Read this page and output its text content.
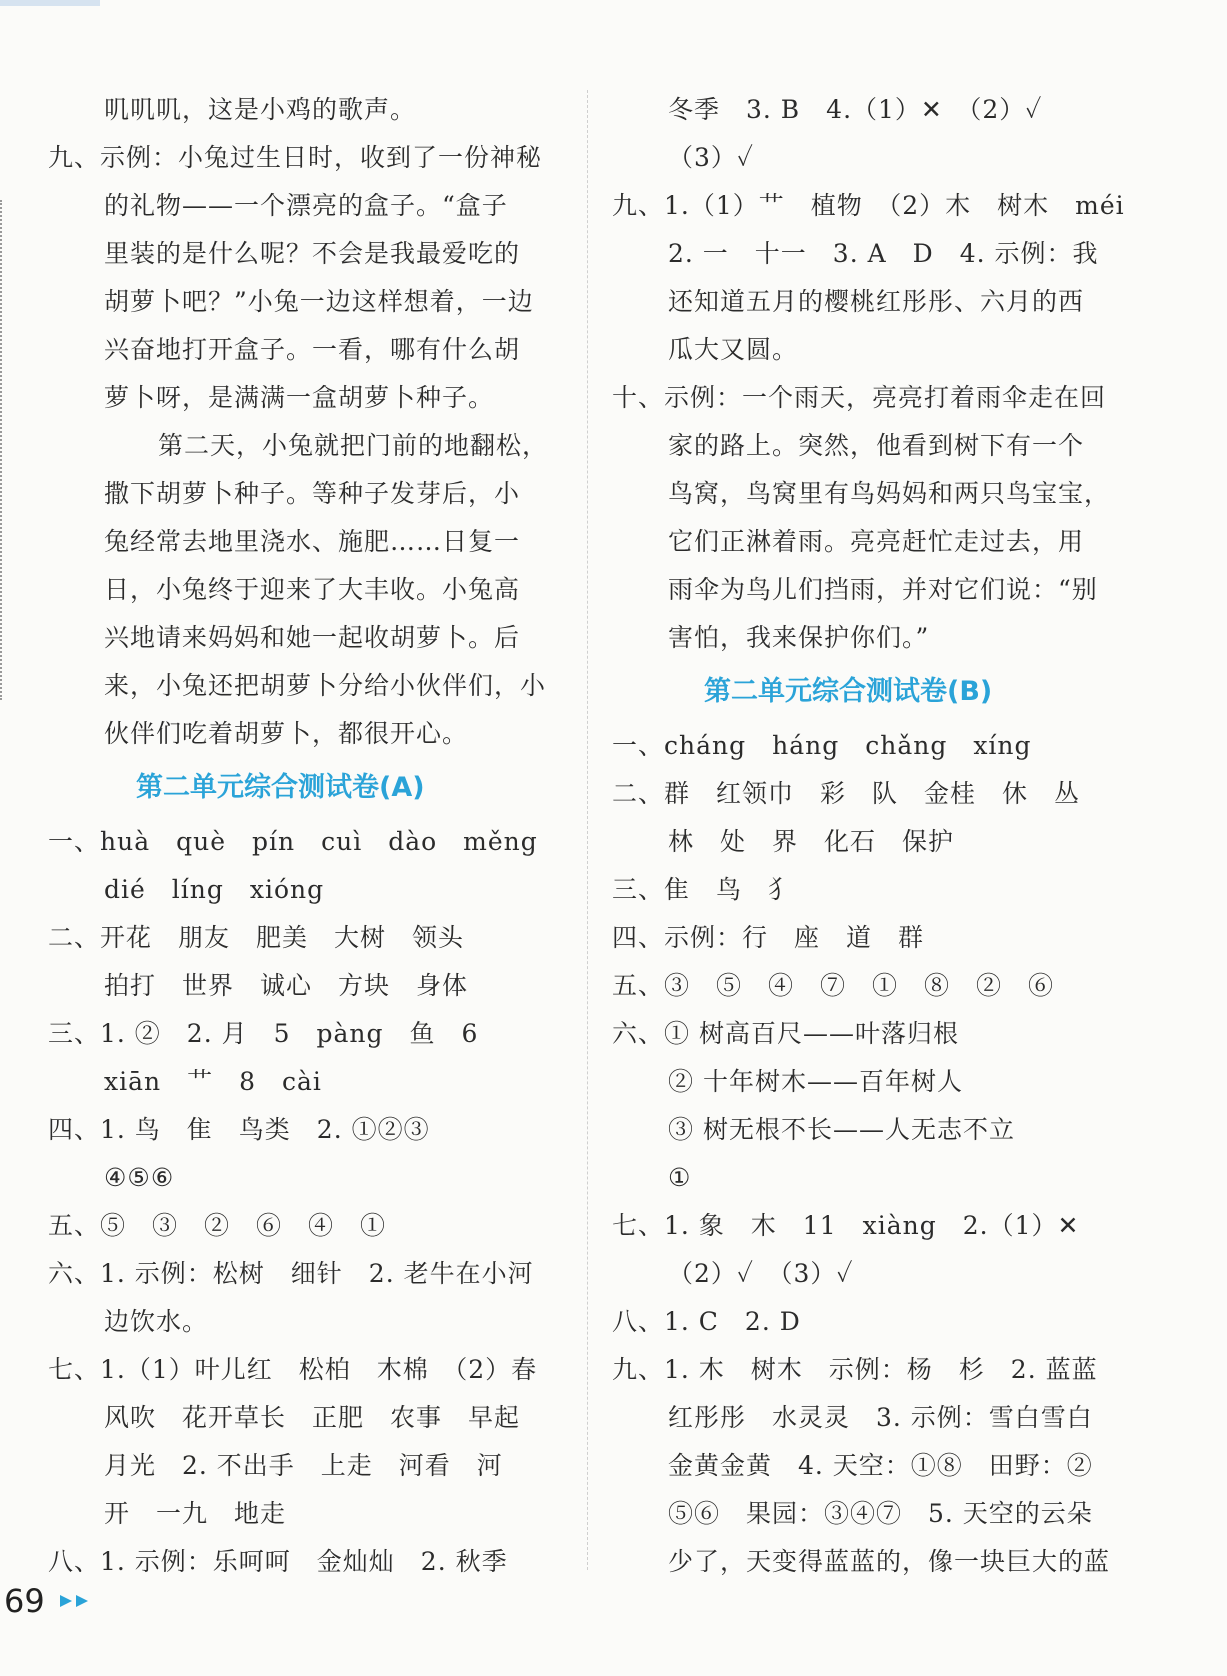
叽叽叽，这是小鸡的歌声。
九、示例：小兔过生日时，收到了一份神秘
的礼物——一个漂亮的盒子。“盒子
里装的是什么呢？不会是我最爱吃的
胡萝卜吧？”小兔一边这样想着，一边
兴奋地打开盒子。一看，哪有什么胡
萝卜呀，是满满一盒胡萝卜种子。
第二天，小兔就把门前的地翻松，
撒下胡萝卜种子。等种子发芽后，小
兔经常去地里浇水、施肥……日复一
日，小兔终于迎来了大丰收。小兔高
兴地请来妈妈和她一起收胡萝卜。后
来，小兔还把胡萝卜分给小伙伴们，小
伙伴们吃着胡萝卜，都很开心。
第二单元综合测试卷(A)
一、huà　què　pín　cuì　dào　měng
dié　líng　xióng
二、开花　朋友　肥美　大树　领头
拍打　世界　诚心　方块　身体
三、1. ②　2. 月　5　pàng　鱼　6
xiān　艹　8　cài
四、1. 鸟　隹　鸟类　2. ①②③
④⑤⑥
五、⑤　③　②　⑥　④　①
六、1. 示例：松树　细针　2. 老牛在小河
边饮水。
七、1.（1）叶儿红　松柏　木棉　（2）春
风吹　花开草长　正肥　农事　早起
月光　2. 不出手　上走　河看　河
开　一九　地走
八、1. 示例：乐呵呵　金灿灿　2. 秋季
冬季　3. B　4.（1）✕　（2）✓
（3）✓
九、1.（1）艹　植物　（2）木　树木　méi
2. 一　十一　3. A　D　4. 示例：我
还知道五月的樱桃红彤彤、六月的西
瓜大又圆。
十、示例：一个雨天，亮亮打着雨伞走在回
家的路上。突然，他看到树下有一个
鸟窝，鸟窝里有鸟妈妈和两只鸟宝宝，
它们正淋着雨。亮亮赶忙走过去，用
雨伞为鸟儿们挡雨，并对它们说：“别
害怕，我来保护你们。”
第二单元综合测试卷(B)
一、cháng　háng　chǎng　xíng
二、群　红领巾　彩　队　金桂　休　丛
林　处　界　化石　保护
三、隹　鸟　犭
四、示例：行　座　道　群
五、③　⑤　④　⑦　①　⑧　②　⑥
六、① 树高百尺——叶落归根
② 十年树木——百年树人
③ 树无根不长——人无志不立
①
七、1. 象　木　11　xiàng　2.（1）✕
（2）✓　（3）✓
八、1. C　2. D
九、1. 木　树木　示例：杨　杉　2. 蓝蓝
红彤彤　水灵灵　3. 示例：雪白雪白
金黄金黄　4. 天空：①⑧　田野：②
⑤⑥　果园：③④⑦　5. 天空的云朵
少了，天变得蓝蓝的，像一块巨大的蓝
69
